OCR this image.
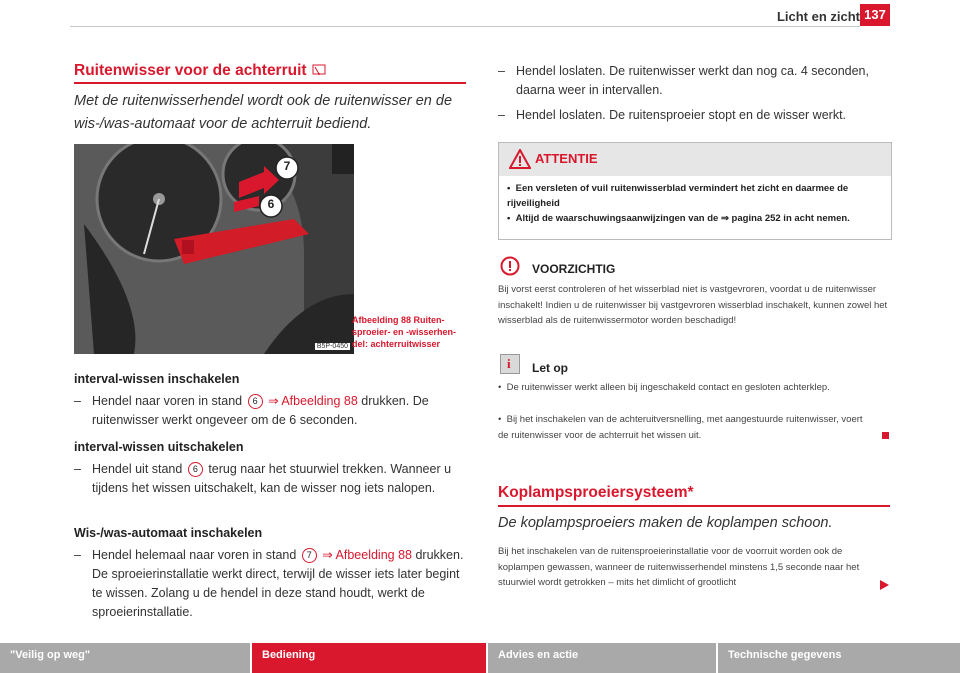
Licht en zicht 137
Ruitenwisser voor de achterruit
Met de ruitenwisserhendel wordt ook de ruitenwisser en de wis-/was-automaat voor de achterruit bediend.
7
6
B5P-0450
Afbeelding 88 Ruiten-sproeier- en -wisserhen-del: achterruitwisser
interval-wissen inschakelen
– Hendel naar voren in stand 6 ⇒ Afbeelding 88 drukken. De ruitenwisser werkt ongeveer om de 6 seconden.
interval-wissen uitschakelen
– Hendel uit stand 6 terug naar het stuurwiel trekken. Wanneer u tijdens het wissen uitschakelt, kan de wisser nog iets nalopen.
Wis-/was-automaat inschakelen
– Hendel helemaal naar voren in stand 7 ⇒ Afbeelding 88 drukken. De sproeierinstallatie werkt direct, terwijl de wisser iets later begint te wissen. Zolang u de hendel in deze stand houdt, werkt de sproeierinstallatie.
– Hendel loslaten. De ruitenwisser werkt dan nog ca. 4 seconden, daarna weer in intervallen.
– Hendel loslaten. De ruitensproeier stopt en de wisser werkt.
ATTENTIE
•  Een versleten of vuil ruitenwisserblad vermindert het zicht en daarmee de rijveiligheid
•  Altijd de waarschuwingsaanwijzingen van de ⇒ pagina 252 in acht nemen.
VOORZICHTIG
Bij vorst eerst controleren of het wisserblad niet is vastgevroren, voordat u de ruitenwisser inschakelt! Indien u de ruitenwisser bij vastgevroren wisserblad inschakelt, kunnen zowel het wisserblad als de ruitenwissermotor worden beschadigd!
i Let op
•  De ruitenwisser werkt alleen bij ingeschakeld contact en gesloten achterklep.
•  Bij het inschakelen van de achteruitversnelling, met aangestuurde ruitenwisser, voert de ruitenwisser voor de achterruit het wissen uit.
Koplampsproeiersysteem*
De koplampsproeiers maken de koplampen schoon.
Bij het inschakelen van de ruitensproeierinstallatie voor de voorruit worden ook de koplampen gewassen, wanneer de ruitenwisserhendel minstens 1,5 seconde naar het stuurwiel wordt getrokken – mits het dimlicht of grootlicht
"Veilig op weg"	Bediening	Advies en actie	Technische gegevens
